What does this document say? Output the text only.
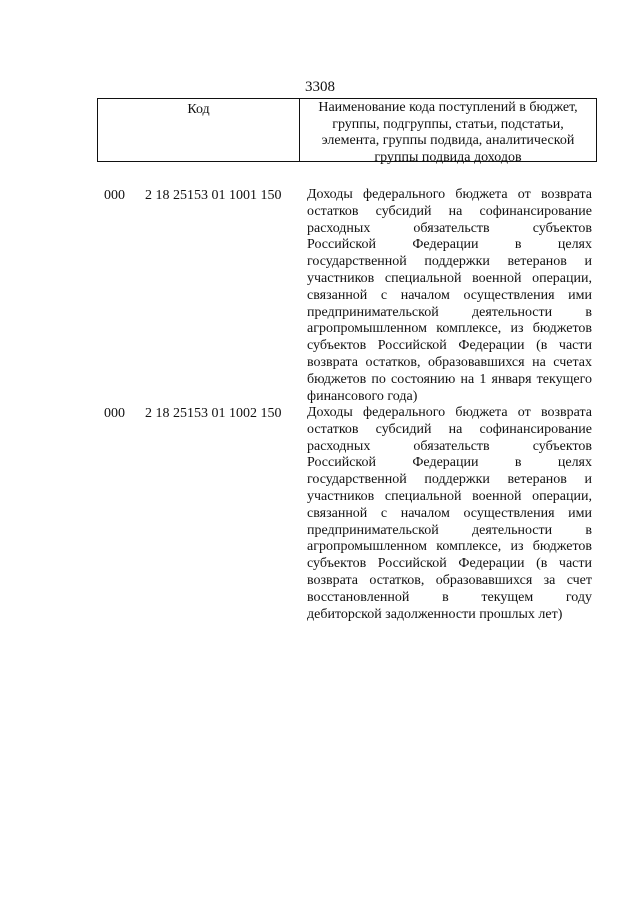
3308
Код	Наименование кода поступлений в бюджет,
группы, подгруппы, статьи, подстатьи,
элемента, группы подвида, аналитической
группы подвида доходов
000 2 18 25153 01 1001 150 Доходы федерального бюджета от возврата
остатков субсидий на софинансирование
расходных обязательств субъектов
Российской Федерации в целях
государственной поддержки ветеранов и
участников специальной военной операции,
связанной с началом осуществления ими
предпринимательской деятельности в
агропромышленном комплексе, из бюджетов
субъектов Российской Федерации (в части
возврата остатков, образовавшихся на счетах
бюджетов по состоянию на 1 января текущего
финансового года)
000 2 18 25153 01 1002 150 Доходы федерального бюджета от возврата
остатков субсидий на софинансирование
расходных обязательств субъектов
Российской Федерации в целях
государственной поддержки ветеранов и
участников специальной военной операции,
связанной с началом осуществления ими
предпринимательской деятельности в
агропромышленном комплексе, из бюджетов
субъектов Российской Федерации (в части
возврата остатков, образовавшихся за счет
восстановленной в текущем году
дебиторской задолженности прошлых лет)
